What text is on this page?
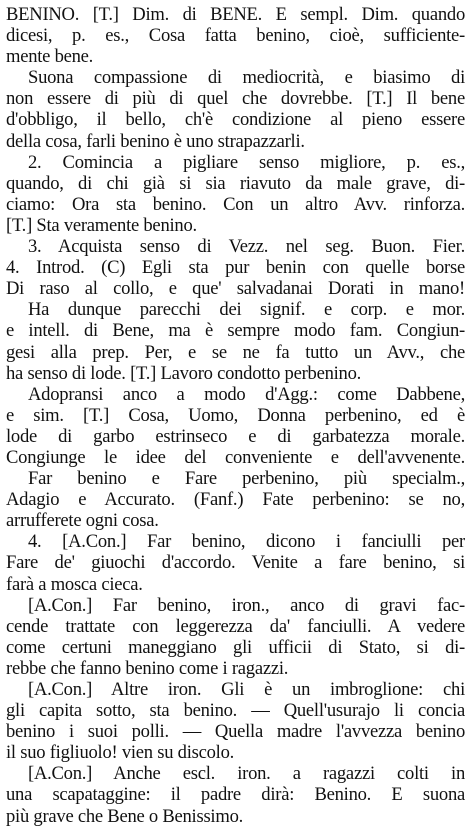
BENINO. [T.] Dim. di BENE. E sempl. Dim. quando
dicesi, p. es., Cosa fatta benino, cioè, sufficiente-
mente bene.
Suona compassione di mediocrità, e biasimo di
non essere di più di quel che dovrebbe. [T.] Il bene
d'obbligo, il bello, ch'è condizione al pieno essere
della cosa, farli benino è uno strapazzarli.
2. Comincia a pigliare senso migliore, p. es.,
quando, di chi già si sia riavuto da male grave, di-
ciamo: Ora sta benino. Con un altro Avv. rinforza.
[T.] Sta veramente benino.
3. Acquista senso di Vezz. nel seg. Buon. Fier.
4. Introd. (C) Egli sta pur benin con quelle borse
Di raso al collo, e que' salvadanai Dorati in mano!
Ha dunque parecchi dei signif. e corp. e mor.
e intell. di Bene, ma è sempre modo fam. Congiun-
gesi alla prep. Per, e se ne fa tutto un Avv., che
ha senso di lode. [T.] Lavoro condotto perbenino.
Adopransi anco a modo d'Agg.: come Dabbene,
e sim. [T.] Cosa, Uomo, Donna perbenino, ed è
lode di garbo estrinseco e di garbatezza morale.
Congiunge le idee del conveniente e dell'avvenente.
Far benino e Fare perbenino, più specialm.,
Adagio e Accurato. (Fanf.) Fate perbenino: se no,
arrufferete ogni cosa.
4. [A.Con.] Far benino, dicono i fanciulli per
Fare de' giuochi d'accordo. Venite a fare benino, si
farà a mosca cieca.
[A.Con.] Far benino, iron., anco di gravi fac-
cende trattate con leggerezza da' fanciulli. A vedere
come certuni maneggiano gli ufficii di Stato, si di-
rebbe che fanno benino come i ragazzi.
[A.Con.] Altre iron. Gli è un imbroglione: chi
gli capita sotto, sta benino. — Quell'usurajo li concia
benino i suoi polli. — Quella madre l'avvezza benino
il suo figliuolo! vien su discolo.
[A.Con.] Anche escl. iron. a ragazzi colti in
una scapataggine: il padre dirà: Benino. E suona
più grave che Bene o Benissimo.
